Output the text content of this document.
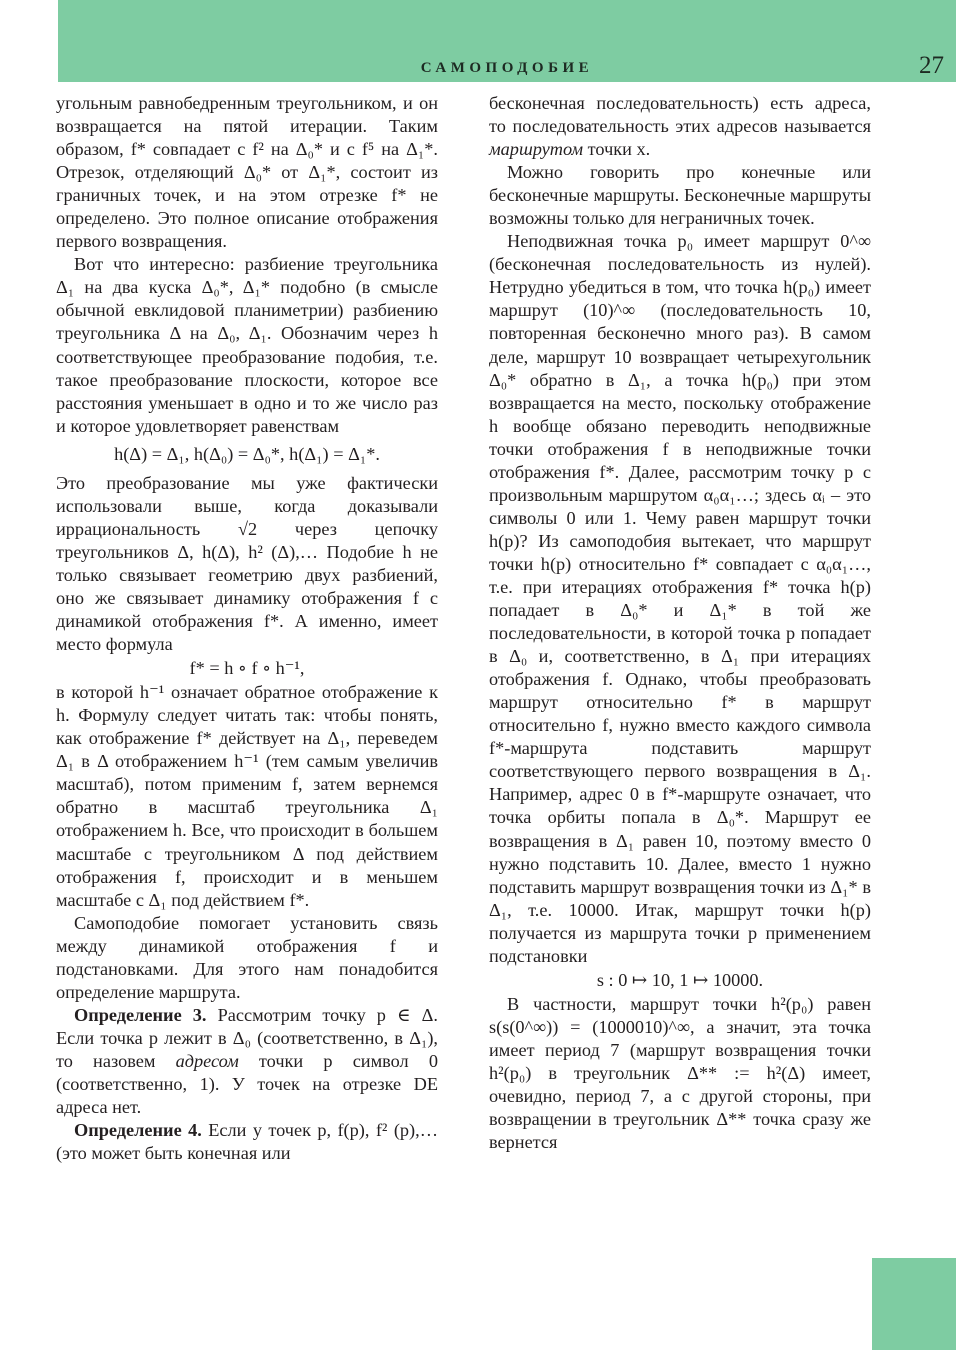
САМОПОДОБИЕ	27

угольным равнобедренным треугольником, и он возвращается на пятой итерации. Таким образом, f* совпадает с f² на Δ₀* и с f⁵ на Δ₁*. Отрезок, отделяющий Δ₀* от Δ₁*, состоит из граничных точек, и на этом отрезке f* не определено. Это полное описание отображения первого возвращения.

Вот что интересно: разбиение треугольника Δ₁ на два куска Δ₀*, Δ₁* подобно (в смысле обычной евклидовой планиметрии) разбиению треугольника Δ на Δ₀, Δ₁. Обозначим через h соответствующее преобразование подобия, т.е. такое преобразование плоскости, которое все расстояния уменьшает в одно и то же число раз и которое удовлетворяет равенствам

h(Δ) = Δ₁, h(Δ₀) = Δ₀*, h(Δ₁) = Δ₁*.

Это преобразование мы уже фактически использовали выше, когда доказывали иррациональность √2 через цепочку треугольников Δ, h(Δ), h² (Δ),… Подобие h не только связывает геометрию двух разбиений, оно же связывает динамику отображения f с динамикой отображения f*. А именно, имеет место формула

f* = h ∘ f ∘ h⁻¹,

в которой h⁻¹ означает обратное отображение к h. Формулу следует читать так: чтобы понять, как отображение f* действует на Δ₁, переведем Δ₁ в Δ отображением h⁻¹ (тем самым увеличив масштаб), потом применим f, затем вернемся обратно в масштаб треугольника Δ₁ отображением h. Все, что происходит в большем масштабе с треугольником Δ под действием отображения f, происходит и в меньшем масштабе с Δ₁ под действием f*.

Самоподобие помогает установить связь между динамикой отображения f и подстановками. Для этого нам понадобится определение маршрута.

Определение 3. Рассмотрим точку p ∈ Δ. Если точка p лежит в Δ₀ (соответственно, в Δ₁), то назовем адресом точки p символ 0 (соответственно, 1). У точек на отрезке DE адреса нет.

Определение 4. Если у точек p, f(p), f² (p),… (это может быть конечная или

бесконечная последовательность) есть адреса, то последовательность этих адресов называется маршрутом точки x.

Можно говорить про конечные или бесконечные маршруты. Бесконечные маршруты возможны только для неграничных точек.

Неподвижная точка p₀ имеет маршрут 0^∞ (бесконечная последовательность из нулей). Нетрудно убедиться в том, что точка h(p₀) имеет маршрут (10)^∞ (последовательность 10, повторенная бесконечно много раз). В самом деле, маршрут 10 возвращает четырехугольник Δ₀* обратно в Δ₁, а точка h(p₀) при этом возвращается на место, поскольку отображение h вообще обязано переводить неподвижные точки отображения f в неподвижные точки отображения f*. Далее, рассмотрим точку p с произвольным маршрутом α₀α₁…; здесь αᵢ – это символы 0 или 1. Чему равен маршрут точки h(p)? Из самоподобия вытекает, что маршрут точки h(p) относительно f* совпадает с α₀α₁…, т.е. при итерациях отображения f* точка h(p) попадает в Δ₀* и Δ₁* в той же последовательности, в которой точка p попадает в Δ₀ и, соответственно, в Δ₁ при итерациях отображения f. Однако, чтобы преобразовать маршрут относительно f* в маршрут относительно f, нужно вместо каждого символа f*-маршрута подставить маршрут соответствующего первого возвращения в Δ₁. Например, адрес 0 в f*-маршруте означает, что точка орбиты попала в Δ₀*. Маршрут ее возвращения в Δ₁ равен 10, поэтому вместо 0 нужно подставить 10. Далее, вместо 1 нужно подставить маршрут возвращения точки из Δ₁* в Δ₁, т.е. 10000. Итак, маршрут точки h(p) получается из маршрута точки p применением подстановки

s : 0 ↦ 10, 1 ↦ 10000.

В частности, маршрут точки h²(p₀) равен s(s(0^∞)) = (1000010)^∞, а значит, эта точка имеет период 7 (маршрут возвращения точки h²(p₀) в треугольник Δ** := h²(Δ) имеет, очевидно, период 7, а с другой стороны, при возвращении в треугольник Δ** точка сразу же вернется
